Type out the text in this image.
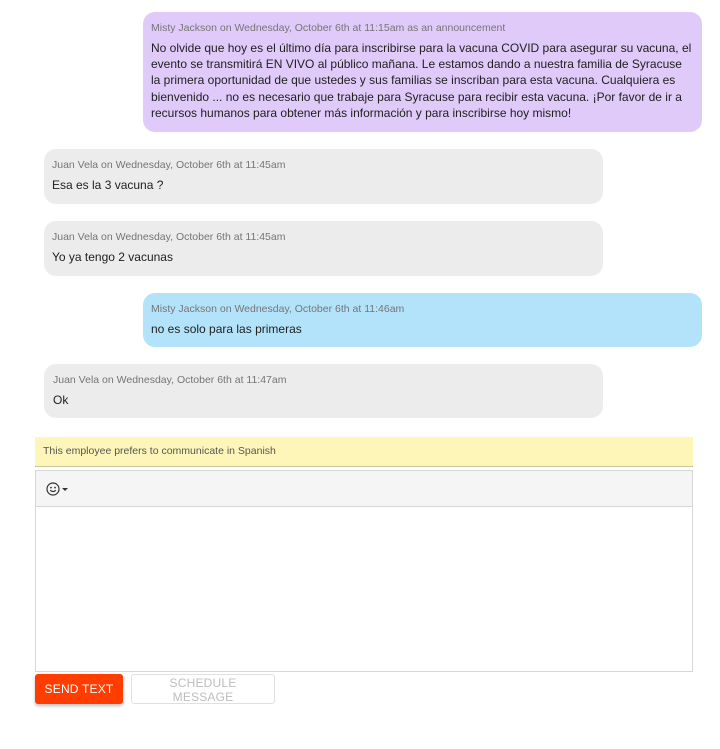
Misty Jackson on Wednesday, October 6th at 11:15am as an announcement
No olvide que hoy es el último día para inscribirse para la vacuna COVID para asegurar su vacuna, el evento se transmitirá EN VIVO al público mañana. Le estamos dando a nuestra familia de Syracuse la primera oportunidad de que ustedes y sus familias se inscriban para esta vacuna. Cualquiera es bienvenido ... no es necesario que trabaje para Syracuse para recibir esta vacuna. ¡Por favor de ir a recursos humanos para obtener más información y para inscribirse hoy mismo!
Juan Vela on Wednesday, October 6th at 11:45am
Esa es la 3 vacuna ?
Juan Vela on Wednesday, October 6th at 11:45am
Yo ya tengo 2 vacunas
Misty Jackson on Wednesday, October 6th at 11:46am
no es solo para las primeras
Juan Vela on Wednesday, October 6th at 11:47am
Ok
This employee prefers to communicate in Spanish
SEND TEXT	SCHEDULE MESSAGE
